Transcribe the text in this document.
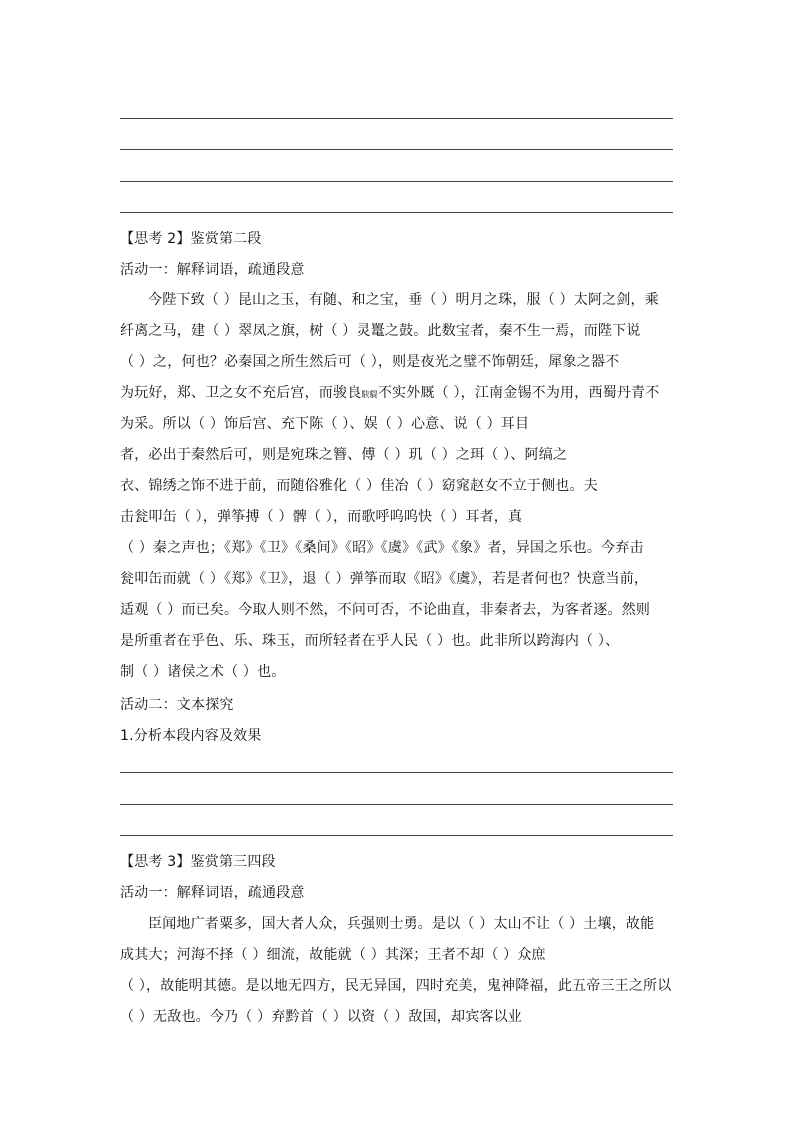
【思考 2】鉴赏第二段
活动一：解释词语，疏通段意
今陛下致（ ）昆山之玉，有随、和之宝，垂（ ）明月之珠，服（ ）太阿之剑，乘
纤离之马，建（ ）翠凤之旗，树（ ）灵鼍之鼓。此数宝者，秦不生一焉，而陛下说
（ ）之，何也？必秦国之所生然后可（ ），则是夜光之璧不饰朝廷，犀象之器不
为玩好，郑、卫之女不充后宫，而骏良駃騠不实外厩（ ），江南金锡不为用，西蜀丹青不
为采。所以（ ）饰后宫、充下陈（ ）、娱（ ）心意、说（ ）耳目
者，必出于秦然后可，则是宛珠之簪、傅（ ）玑（ ）之珥（ ）、阿缟之
衣、锦绣之饰不进于前，而随俗雅化（ ）佳冶（ ）窈窕赵女不立于侧也。夫
击瓮叩缶（ ），弹筝搏（ ）髀（ ），而歌呼呜呜快（ ）耳者，真
（ ）秦之声也；《郑》《卫》《桑间》《昭》《虞》《武》《象》者，异国之乐也。今弃击
瓮叩缶而就（ ）《郑》《卫》，退（ ）弹筝而取《昭》《虞》，若是者何也？快意当前，
适观（ ）而已矣。今取人则不然，不问可否，不论曲直，非秦者去，为客者逐。然则
是所重者在乎色、乐、珠玉，而所轻者在乎人民（ ）也。此非所以跨海内（ ）、
制（ ）诸侯之术（ ）也。
活动二：文本探究
1.分析本段内容及效果
【思考 3】鉴赏第三四段
活动一：解释词语，疏通段意
臣闻地广者粟多，国大者人众，兵强则士勇。是以（ ）太山不让（ ）土壤，故能
成其大；河海不择（ ）细流，故能就（ ）其深；王者不却（ ）众庶
（ ），故能明其德。是以地无四方，民无异国，四时充美，鬼神降福，此五帝三王之所以
（ ）无敌也。今乃（ ）弃黔首（ ）以资（ ）敌国，却宾客以业
